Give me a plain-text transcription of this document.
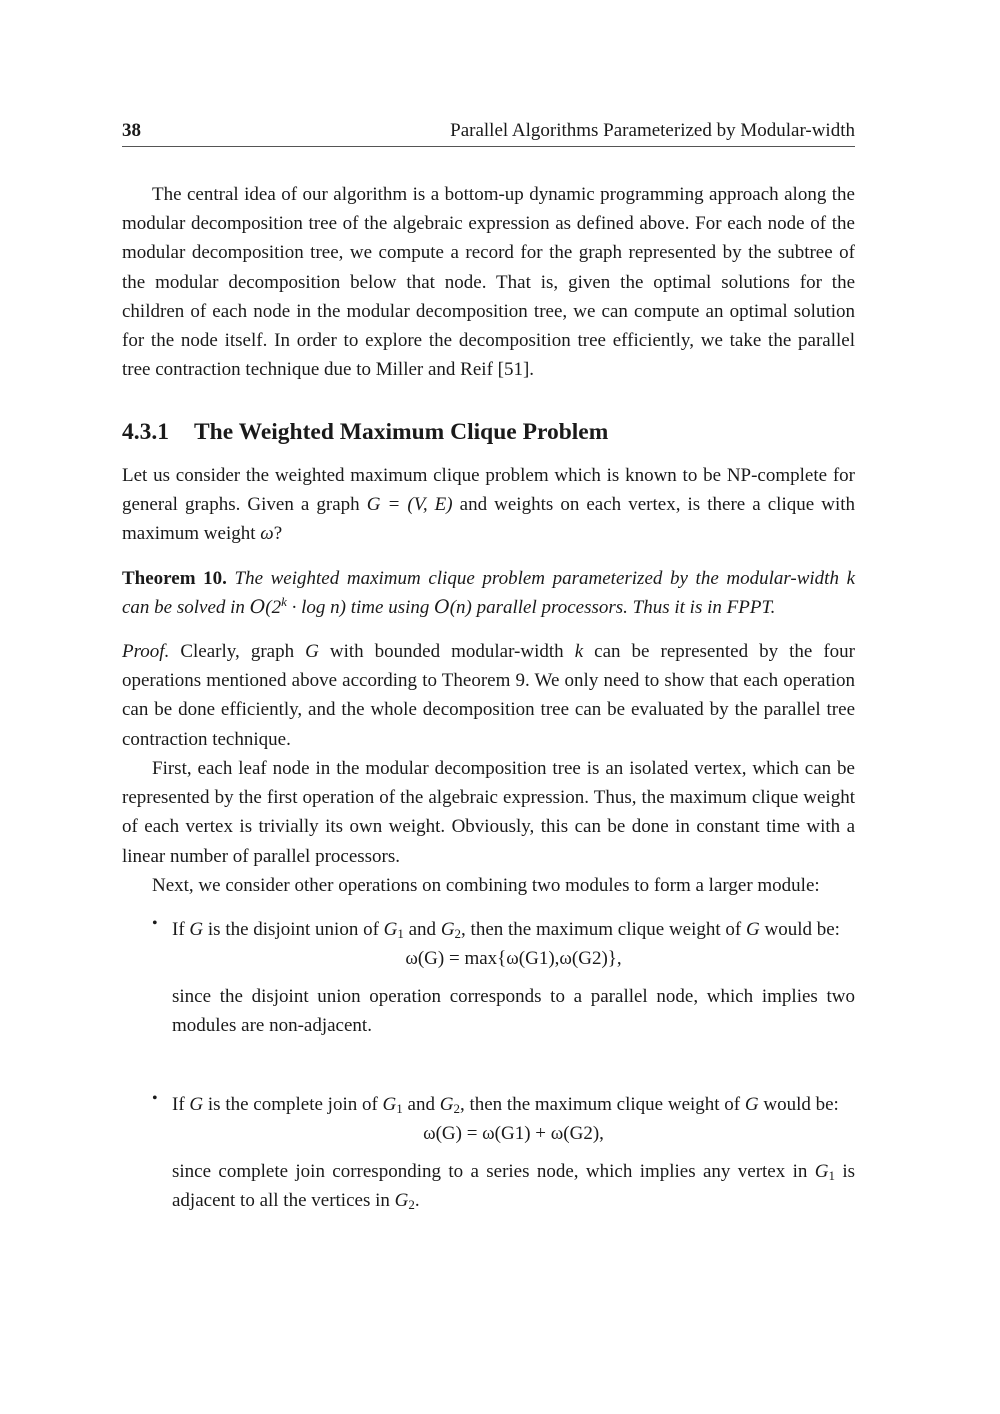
38	Parallel Algorithms Parameterized by Modular-width

The central idea of our algorithm is a bottom-up dynamic programming approach along the modular decomposition tree of the algebraic expression as defined above. For each node of the modular decomposition tree, we compute a record for the graph represented by the subtree of the modular decomposition below that node. That is, given the optimal solutions for the children of each node in the modular decomposition tree, we can compute an optimal solution for the node itself. In order to explore the decomposition tree efficiently, we take the parallel tree contraction technique due to Miller and Reif [51].

4.3.1 The Weighted Maximum Clique Problem

Let us consider the weighted maximum clique problem which is known to be NP-complete for general graphs. Given a graph G = (V, E) and weights on each vertex, is there a clique with maximum weight ω?

Theorem 10. The weighted maximum clique problem parameterized by the modular-width k can be solved in $O(2^k \cdot \log n)$ time using O(n) parallel processors. Thus it is in FPPT.

Proof. Clearly, graph G with bounded modular-width k can be represented by the four operations mentioned above according to Theorem 9. We only need to show that each operation can be done efficiently, and the whole decomposition tree can be evaluated by the parallel tree contraction technique.

First, each leaf node in the modular decomposition tree is an isolated vertex, which can be represented by the first operation of the algebraic expression. Thus, the maximum clique weight of each vertex is trivially its own weight. Obviously, this can be done in constant time with a linear number of parallel processors.

Next, we consider other operations on combining two modules to form a larger module:

• If G is the disjoint union of $G_1$ and $G_2$, then the maximum clique weight of G would be:

ω(G) = max{ω(G1),ω(G2)},

since the disjoint union operation corresponds to a parallel node, which implies two modules are non-adjacent.

• If G is the complete join of $G_1$ and $G_2$, then the maximum clique weight of G would be:

ω(G) = ω(G1) + ω(G2),

since complete join corresponding to a series node, which implies any vertex in $G_1$ is adjacent to all the vertices in $G_2$.
